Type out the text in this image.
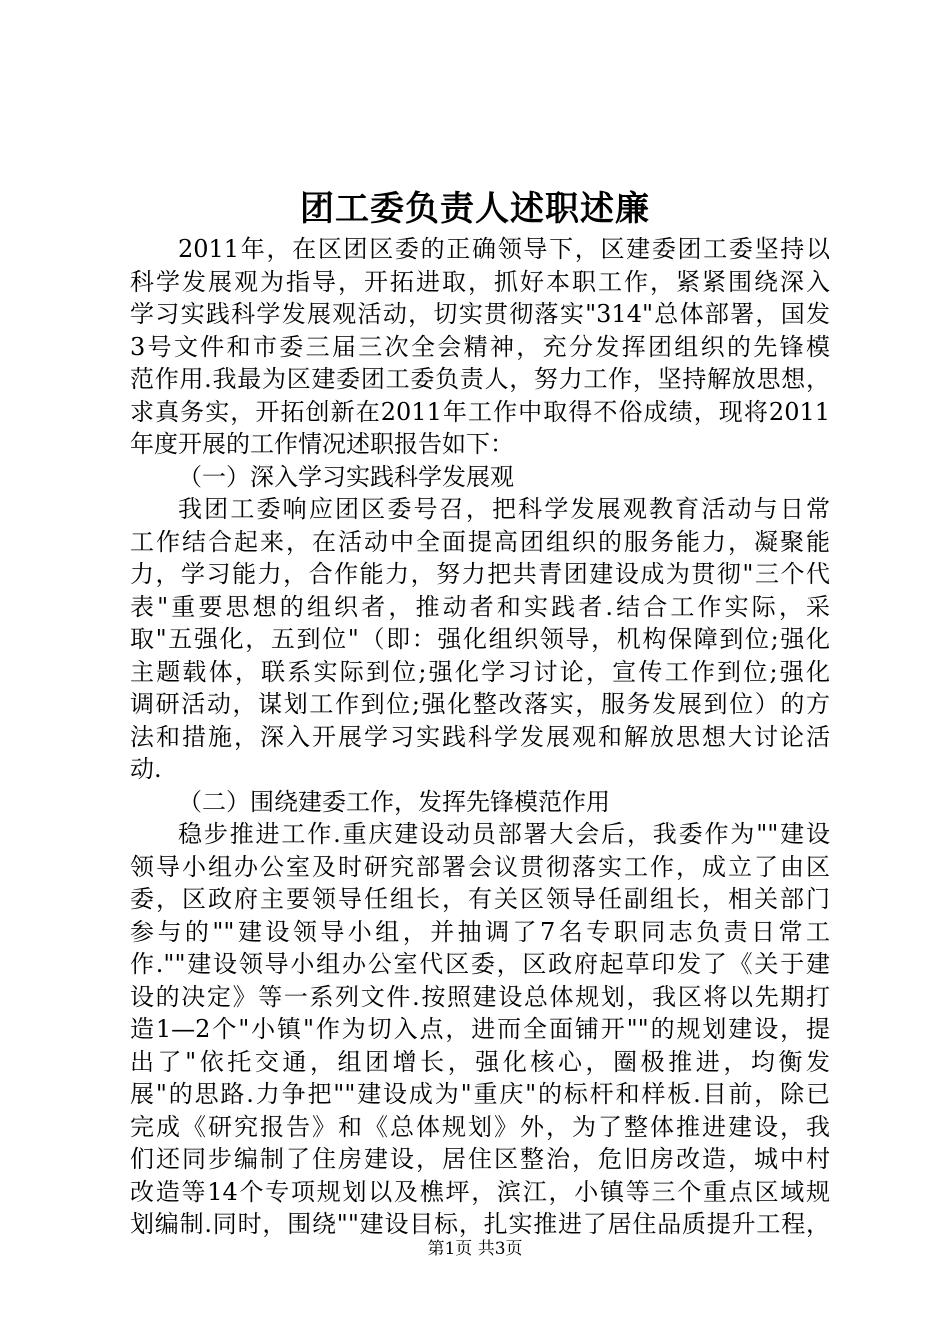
团工委负责人述职述廉
2011年，在区团区委的正确领导下，区建委团工委坚持以
科学发展观为指导，开拓进取，抓好本职工作，紧紧围绕深入
学习实践科学发展观活动，切实贯彻落实"314"总体部署，国发
3号文件和市委三届三次全会精神，充分发挥团组织的先锋模
范作用.我最为区建委团工委负责人，努力工作，坚持解放思想，
求真务实，开拓创新在2011年工作中取得不俗成绩，现将2011
年度开展的工作情况述职报告如下：
（一）深入学习实践科学发展观
我团工委响应团区委号召，把科学发展观教育活动与日常
工作结合起来，在活动中全面提高团组织的服务能力，凝聚能
力，学习能力，合作能力，努力把共青团建设成为贯彻"三个代
表"重要思想的组织者，推动者和实践者.结合工作实际，采
取"五强化，五到位"（即：强化组织领导，机构保障到位;强化
主题载体，联系实际到位;强化学习讨论，宣传工作到位;强化
调研活动，谋划工作到位;强化整改落实，服务发展到位）的方
法和措施，深入开展学习实践科学发展观和解放思想大讨论活
动.
（二）围绕建委工作，发挥先锋模范作用
稳步推进工作.重庆建设动员部署大会后，我委作为""建设
领导小组办公室及时研究部署会议贯彻落实工作，成立了由区
委，区政府主要领导任组长，有关区领导任副组长，相关部门
参与的""建设领导小组，并抽调了7名专职同志负责日常工
作.""建设领导小组办公室代区委，区政府起草印发了《关于建
设的决定》等一系列文件.按照建设总体规划，我区将以先期打
造1—2个"小镇"作为切入点，进而全面铺开""的规划建设，提
出了"依托交通，组团增长，强化核心，圈极推进，均衡发
展"的思路.力争把""建设成为"重庆"的标杆和样板.目前，除已
完成《研究报告》和《总体规划》外，为了整体推进建设，我
们还同步编制了住房建设，居住区整治，危旧房改造，城中村
改造等14个专项规划以及樵坪，滨江，小镇等三个重点区域规
划编制.同时，围绕""建设目标，扎实推进了居住品质提升工程，
第1页 共3页
